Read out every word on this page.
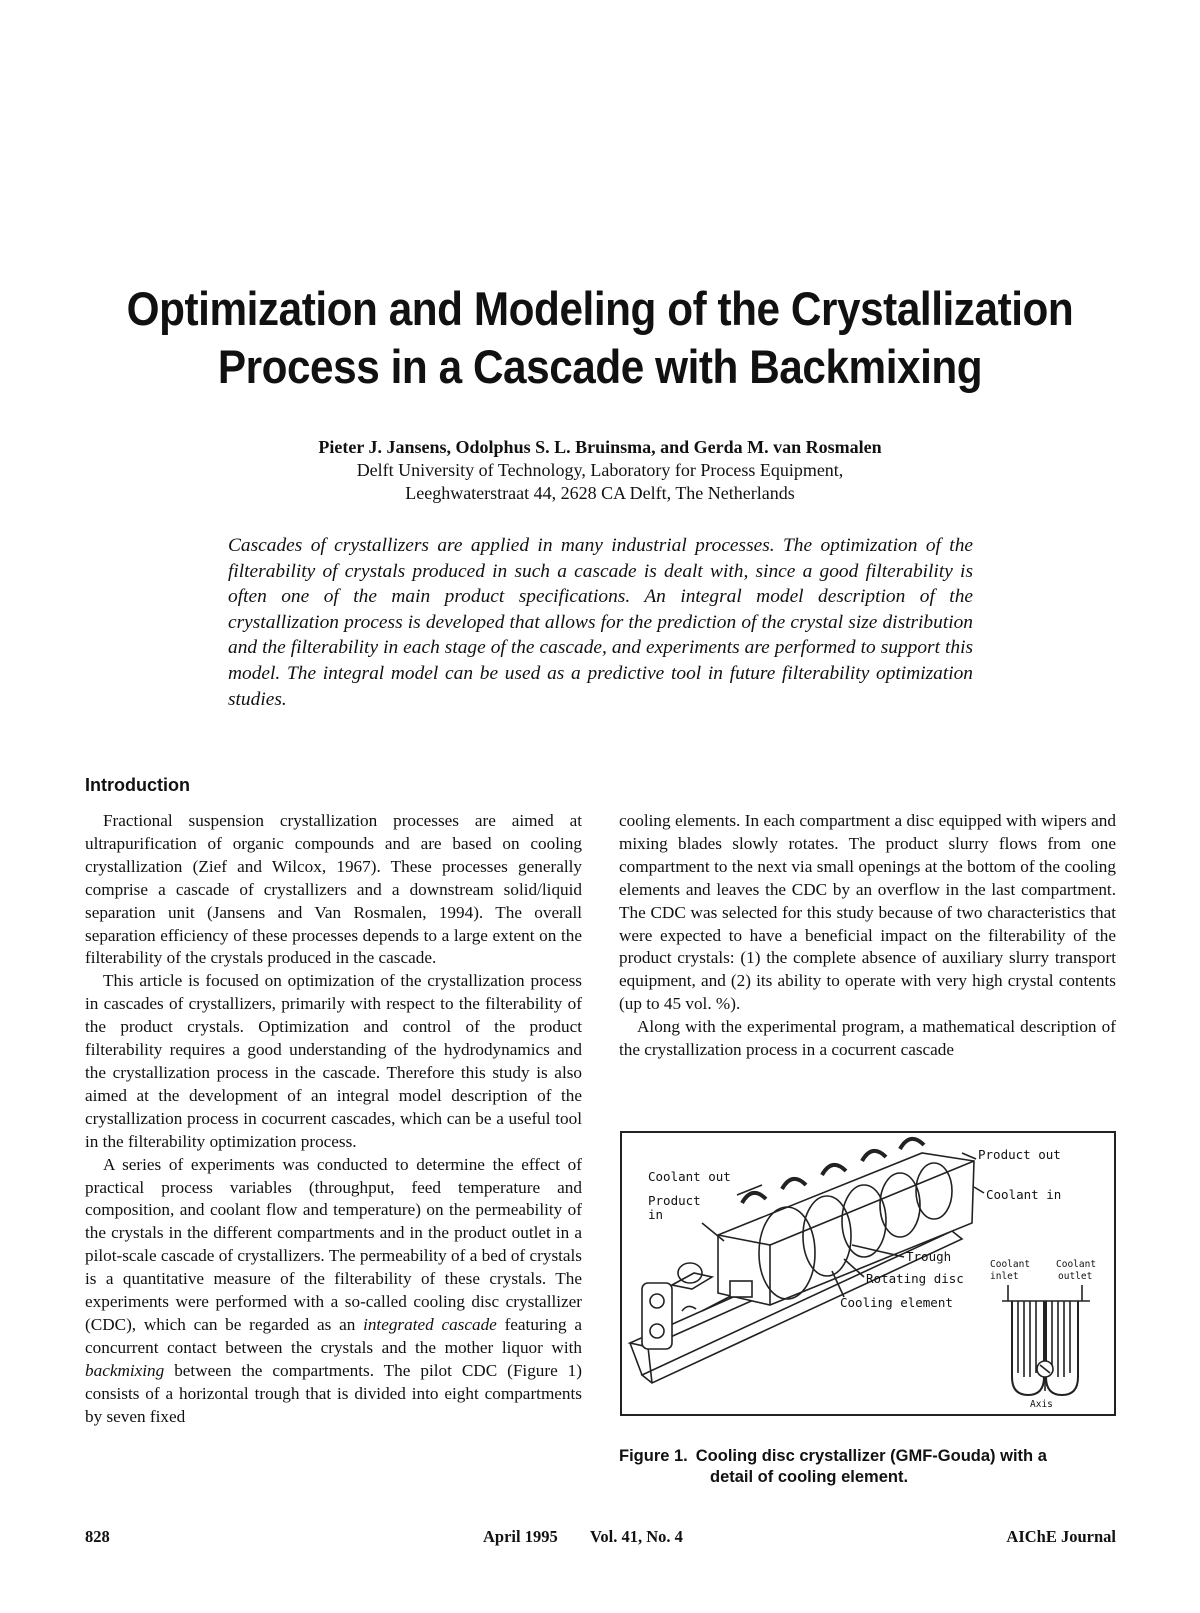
Optimization and Modeling of the Crystallization
Process in a Cascade with Backmixing
Pieter J. Jansens, Odolphus S. L. Bruinsma, and Gerda M. van Rosmalen
Delft University of Technology, Laboratory for Process Equipment,
Leeghwaterstraat 44, 2628 CA Delft, The Netherlands

Cascades of crystallizers are applied in many industrial processes. The optimization of the filterability of crystals produced in such a cascade is dealt with, since a good filterability is often one of the main product specifications. An integral model description of the crystallization process is developed that allows for the prediction of the crystal size distribution and the filterability in each stage of the cascade, and experiments are performed to support this model. The integral model can be used as a predictive tool in future filterability optimization studies.

Introduction

Fractional suspension crystallization processes are aimed at ultrapurification of organic compounds and are based on cooling crystallization (Zief and Wilcox, 1967). These processes generally comprise a cascade of crystallizers and a downstream solid/liquid separation unit (Jansens and Van Rosmalen, 1994). The overall separation efficiency of these processes depends to a large extent on the filterability of the crystals produced in the cascade.

This article is focused on optimization of the crystallization process in cascades of crystallizers, primarily with respect to the filterability of the product crystals. Optimization and control of the product filterability requires a good understanding of the hydrodynamics and the crystallization process in the cascade. Therefore this study is also aimed at the development of an integral model description of the crystallization process in cocurrent cascades, which can be a useful tool in the filterability optimization process.

A series of experiments was conducted to determine the effect of practical process variables (throughput, feed temperature and composition, and coolant flow and temperature) on the permeability of the crystals in the different compartments and in the product outlet in a pilot-scale cascade of crystallizers. The permeability of a bed of crystals is a quantitative measure of the filterability of these crystals. The experiments were performed with a so-called cooling disc crystallizer (CDC), which can be regarded as an integrated cascade featuring a concurrent contact between the crystals and the mother liquor with backmixing between the compartments. The pilot CDC (Figure 1) consists of a horizontal trough that is divided into eight compartments by seven fixed

cooling elements. In each compartment a disc equipped with wipers and mixing blades slowly rotates. The product slurry flows from one compartment to the next via small openings at the bottom of the cooling elements and leaves the CDC by an overflow in the last compartment. The CDC was selected for this study because of two characteristics that were expected to have a beneficial impact on the filterability of the product crystals: (1) the complete absence of auxiliary slurry transport equipment, and (2) its ability to operate with very high crystal contents (up to 45 vol. %).

Along with the experimental program, a mathematical description of the crystallization process in a cocurrent cascade

Coolant out
Product
in
Product out
Coolant in
Trough
Rotating disc
Cooling element
Coolant
inlet
Coolant
outlet
Axis
Figure 1. Cooling disc crystallizer (GMF-Gouda) with a
detail of cooling element.
828	April 1995 Vol. 41, No. 4	AIChE Journal
